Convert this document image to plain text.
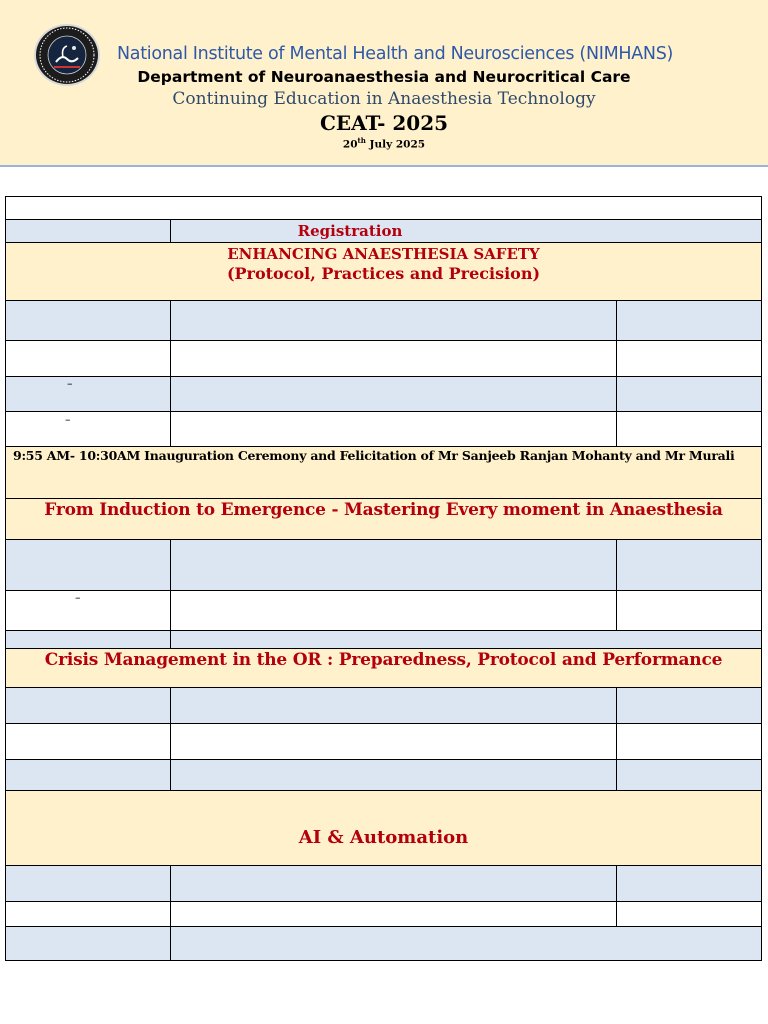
National Institute of Mental Health and Neurosciences (NIMHANS)
Department of Neuroanaesthesia and Neurocritical Care
Continuing Education in Anaesthesia Technology
CEAT- 2025
20th July 2025
Registration
ENHANCING ANAESTHESIA SAFETY
(Protocol, Practices and Precision)
–
–
9:55 AM- 10:30AM Inauguration Ceremony and Felicitation of Mr Sanjeeb Ranjan Mohanty and Mr Murali
From Induction to Emergence - Mastering Every moment in Anaesthesia
–
Crisis Management in the OR : Preparedness, Protocol and Performance
AI & Automation
